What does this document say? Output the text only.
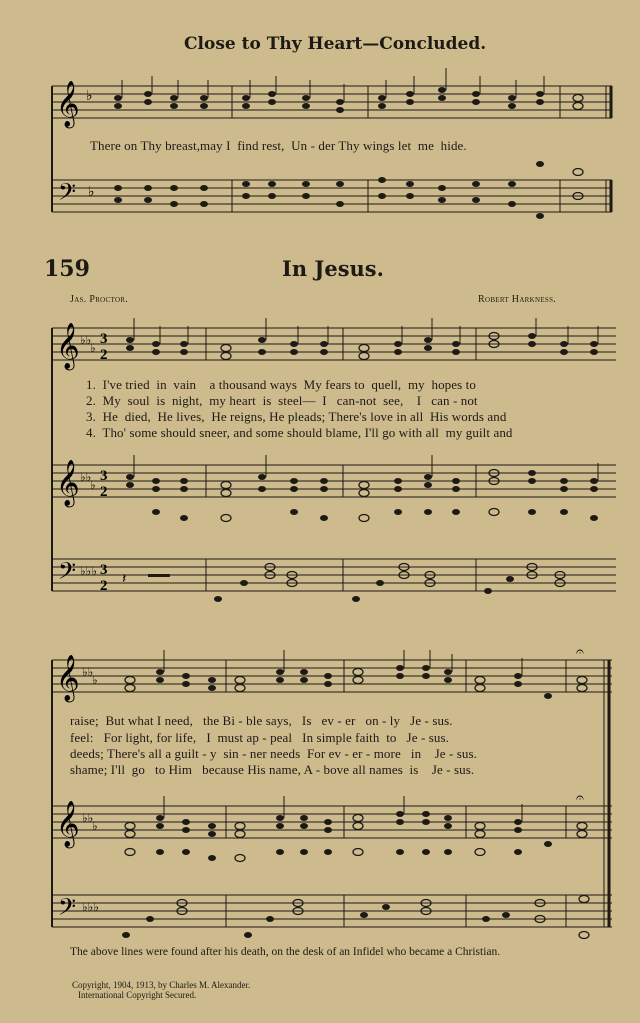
Close to Thy Heart—Concluded.
𝄞 ♭
There on Thy breast,may I  find rest,  Un - der Thy wings let  me  hide.
𝄢 ♭
159	In Jesus.
Jas. Proctor.	Robert Harkness.
𝄞 ♭♭
♭
3
2
𝄞 ♭♭
♭
3
2
𝄢 ♭♭♭ 3
2 𝄽
1.  I've tried  in  vain    a thousand ways  My fears to  quell,  my  hopes to
2.  My  soul  is  night,  my heart  is  steel—  I   can-not  see,    I   can - not
3.  He  died,  He lives,  He reigns, He pleads; There's love in all  His words and
4.  Tho' some should sneer, and some should blame, I'll go with all  my guilt and
𝄞 ♭♭
♭
𝄞 ♭♭
♭
𝄢 ♭♭♭
𝄐
𝄐
raise;  But what I need,   the Bi - ble says,   Is   ev - er   on - ly   Je - sus.
feel:   For light, for life,   I  must ap - peal   In simple faith  to   Je - sus.
deeds; There's all a guilt - y  sin - ner needs  For ev - er - more   in    Je - sus.
shame; I'll  go   to Him   because His name, A - bove all names  is    Je - sus.
The above lines were found after his death, on the desk of an Infidel who became a Christian.
Copyright, 1904, 1913, by Charles M. Alexander.
International Copyright Secured.
